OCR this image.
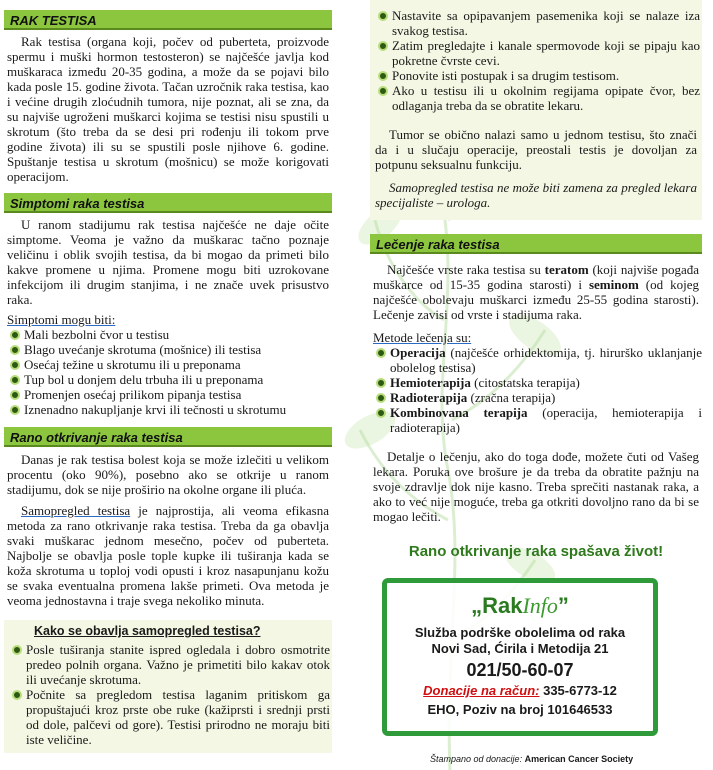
RAK TESTISA

Rak testisa (organa koji, počev od puberteta, proizvode spermu i muški hormon testosteron) se najčešće javlja kod muškaraca između 20-35 godina, a može da se pojavi bilo kada posle 15. godine života. Tačan uzročnik raka testisa, kao i većine drugih zloćudnih tumora, nije poznat, ali se zna, da su najviše ugroženi muškarci kojima se testisi nisu spustili u skrotum (što treba da se desi pri rođenju ili tokom prve godine života) ili su se spustili posle njihove 6. godine. Spuštanje testisa u skrotum (mošnicu) se može korigovati operacijom.

Simptomi raka testisa

U ranom stadijumu rak testisa najčešće ne daje očite simptome. Veoma je važno da muškarac tačno poznaje veličinu i oblik svojih testisa, da bi mogao da primeti bilo kakve promene u njima. Promene mogu biti uzrokovane infekcijom ili drugim stanjima, i ne znače uvek prisustvo raka.

Simptomi mogu biti:

Mali bezbolni čvor u testisu
Blago uvećanje skrotuma (mošnice) ili testisa
Osećaj težine u skrotumu ili u preponama
Tup bol u donjem delu trbuha ili u preponama
Promenjen osećaj prilikom pipanja testisa
Iznenadno nakupljanje krvi ili tečnosti u skrotumu
Rano otkrivanje raka testisa

Danas je rak testisa bolest koja se može izlečiti u velikom procentu (oko 90%), posebno ako se otkrije u ranom stadijumu, dok se nije proširio na okolne organe ili pluća.

Samopregled testisa je najprostija, ali veoma efikasna metoda za rano otkrivanje raka testisa. Treba da ga obavlja svaki muškarac jednom mesečno, počev od puberteta. Najbolje se obavlja posle tople kupke ili tuširanja kada se koža skrotuma u toplоj vodi opusti i kroz nasapunjanu kožu se svaka eventualna promena lakše primeti. Ova metoda je veoma jednostavna i traje svega nekoliko minuta.

Kako se obavlja samopregled testisa?

Posle tuširanja stanite ispred ogledala i dobro osmotrite predeo polnih organa. Važno je primetiti bilo kakav otok ili uvećanje skrotuma.
Počnite sa pregledom testisa laganim pritiskom ga propuštajući kroz prste obe ruke (kažiprsti i srednji prsti od dole, palčevi od gore). Testisi prirodno ne moraju biti iste veličine.
Nastavite sa opipavanjem pasemenika koji se nalaze iza svakog testisa.
Zatim pregledajte i kanale spermovode koji se pipaju kao pokretne čvrste cevi.
Ponovite isti postupak i sa drugim testisom.
Ako u testisu ili u okolnim regijama opipate čvor, bez odlaganja treba da se obratite lekaru.

Tumor se obično nalazi samo u jednom testisu, što znači da i u slučaju operacije, preostali testis je dovoljan za potpunu seksualnu funkciju.

Samopregled testisa ne može biti zamena za pregled lekara specijaliste – urologa.

Lečenje raka testisa

Najčešće vrste raka testisa su teratom (koji najviše pogađa muškarce od 15-35 godina starosti) i seminom (od kojeg najčešće obolevaju muškarci između 25-55 godina starosti). Lečenje zavisi od vrste i stadijuma raka.

Metode lečenja su:

Operacija (najčešće orhidektomija, tj. hirurško uklanjanje obolelog testisa)
Hemioterapija (citostatska terapija)
Radioterapija (zračna terapija)
Kombinovana terapija (operacija, hemioterapija i radioterapija)

Detalje o lečenju, ako do toga dođe, možete čuti od Vašeg lekara. Poruka ove brošure je da treba da obratite pažnju na svoje zdravlje dok nije kasno. Treba sprečiti nastanak raka, a ako to već nije moguće, treba ga otkriti dovoljno rano da bi se mogao lečiti.

Rano otkrivanje raka spašava život!

„RakInfo”
Služba podrške obolelima od raka
Novi Sad, Ćirila i Metodija 21
021/50-60-07
Donacije na račun: 335-6773-12
EHO, Poziv na broj 101646533
Štampano od donacije: American Cancer Society
